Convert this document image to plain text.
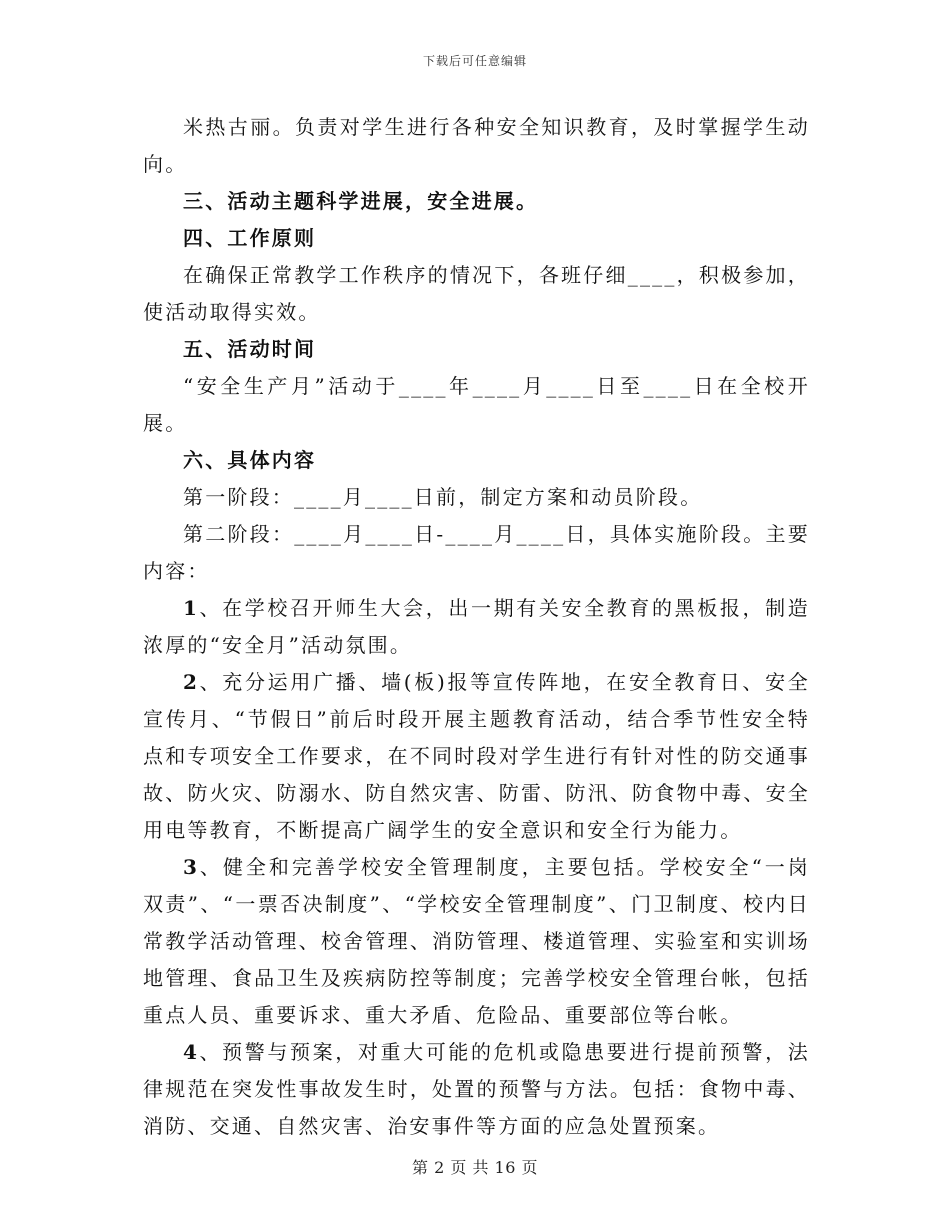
下载后可任意编辑

米热古丽。负责对学生进行各种安全知识教育，及时掌握学生动向。

三、活动主题科学进展，安全进展。

四、工作原则

在确保正常教学工作秩序的情况下，各班仔细____，积极参加，使活动取得实效。

五、活动时间

“安全生产月”活动于____年____月____日至____日在全校开展。

六、具体内容

第一阶段：____月____日前，制定方案和动员阶段。

第二阶段：____月____日-____月____日，具体实施阶段。主要内容：

1、在学校召开师生大会，出一期有关安全教育的黑板报，制造浓厚的“安全月”活动氛围。

2、充分运用广播、墙(板)报等宣传阵地，在安全教育日、安全宣传月、“节假日”前后时段开展主题教育活动，结合季节性安全特点和专项安全工作要求，在不同时段对学生进行有针对性的防交通事故、防火灾、防溺水、防自然灾害、防雷、防汛、防食物中毒、安全用电等教育，不断提高广阔学生的安全意识和安全行为能力。

3、健全和完善学校安全管理制度，主要包括。学校安全“一岗双责”、“一票否决制度”、“学校安全管理制度”、门卫制度、校内日常教学活动管理、校舍管理、消防管理、楼道管理、实验室和实训场地管理、食品卫生及疾病防控等制度；完善学校安全管理台帐，包括重点人员、重要诉求、重大矛盾、危险品、重要部位等台帐。

4、预警与预案，对重大可能的危机或隐患要进行提前预警，法律规范在突发性事故发生时，处置的预警与方法。包括：食物中毒、消防、交通、自然灾害、治安事件等方面的应急处置预案。

第 2 页 共 16 页
